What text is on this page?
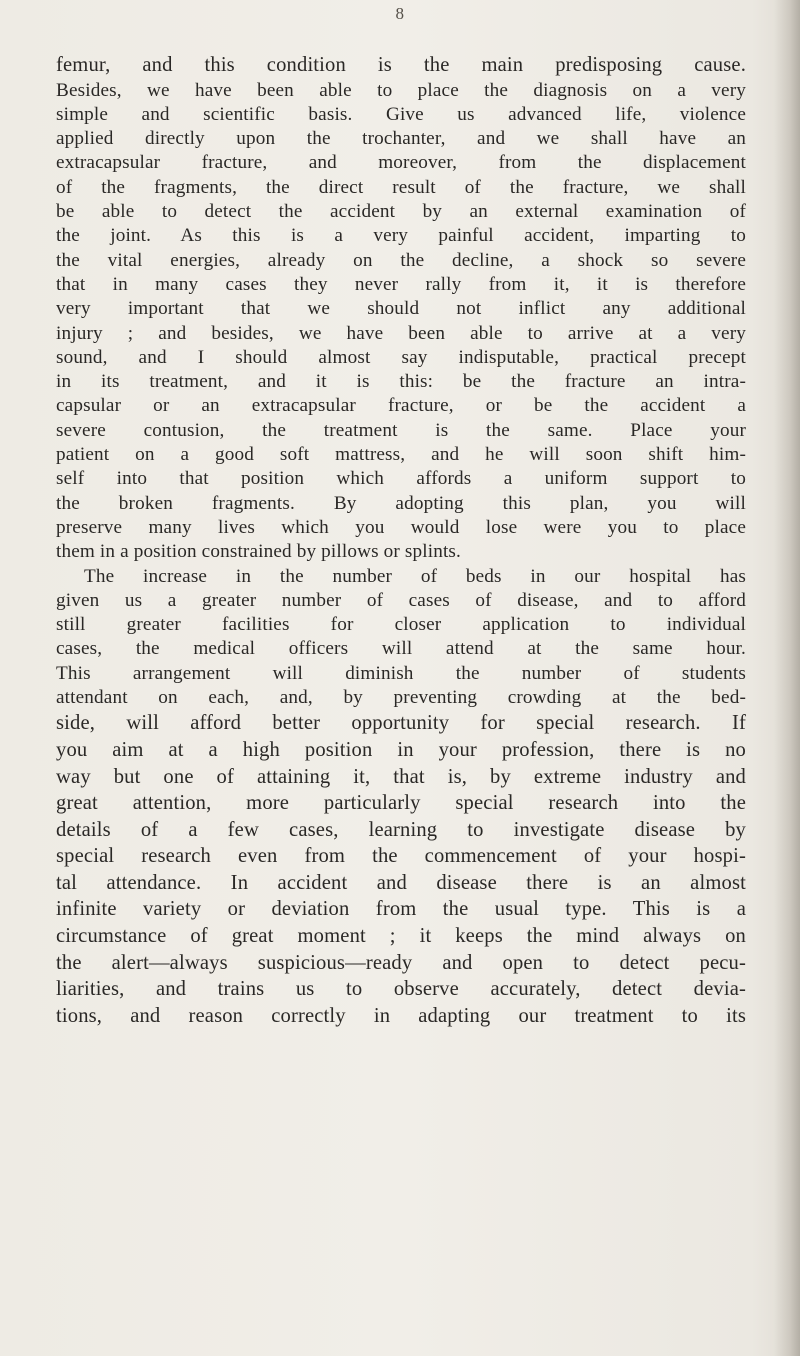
8
femur, and this condition is the main predisposing cause.
Besides, we have been able to place the diagnosis on a very
simple and scientific basis. Give us advanced life, violence
applied directly upon the trochanter, and we shall have an
extracapsular fracture, and moreover, from the displacement
of the fragments, the direct result of the fracture, we shall
be able to detect the accident by an external examination of
the joint. As this is a very painful accident, imparting to
the vital energies, already on the decline, a shock so severe
that in many cases they never rally from it, it is therefore
very important that we should not inflict any additional
injury ; and besides, we have been able to arrive at a very
sound, and I should almost say indisputable, practical precept
in its treatment, and it is this: be the fracture an intra-
capsular or an extracapsular fracture, or be the accident a
severe contusion, the treatment is the same. Place your
patient on a good soft mattress, and he will soon shift him-
self into that position which affords a uniform support to
the broken fragments. By adopting this plan, you will
preserve many lives which you would lose were you to place
them in a position constrained by pillows or splints.
The increase in the number of beds in our hospital has
given us a greater number of cases of disease, and to afford
still greater facilities for closer application to individual
cases, the medical officers will attend at the same hour.
This arrangement will diminish the number of students
attendant on each, and, by preventing crowding at the bed-
side, will afford better opportunity for special research. If
you aim at a high position in your profession, there is no
way but one of attaining it, that is, by extreme industry and
great attention, more particularly special research into the
details of a few cases, learning to investigate disease by
special research even from the commencement of your hospi-
tal attendance. In accident and disease there is an almost
infinite variety or deviation from the usual type. This is a
circumstance of great moment ; it keeps the mind always on
the alert—always suspicious—ready and open to detect pecu-
liarities, and trains us to observe accurately, detect devia-
tions, and reason correctly in adapting our treatment to its
